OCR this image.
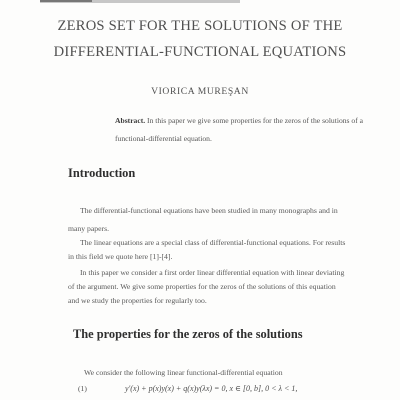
ZEROS SET FOR THE SOLUTIONS OF THE
DIFFERENTIAL-FUNCTIONAL EQUATIONS
VIORICA MUREŞAN
Abstract. In this paper we give some properties for the zeros of the solutions of a
functional-differential equation.
Introduction
The differential-functional equations have been studied in many monographs and in
many papers.
The linear equations are a special class of differential-functional equations. For results
in this field we quote here [1]-[4].
In this paper we consider a first order linear differential equation with linear deviating
of the argument. We give some properties for the zeros of the solutions of this equation
and we study the properties for regularly too.
The properties for the zeros of the solutions
We consider the following linear functional-differential equation
(1)	y′(x) + p(x)y(x) + q(x)y(λx) = 0, x ∈ [0, b], 0 < λ < 1,
